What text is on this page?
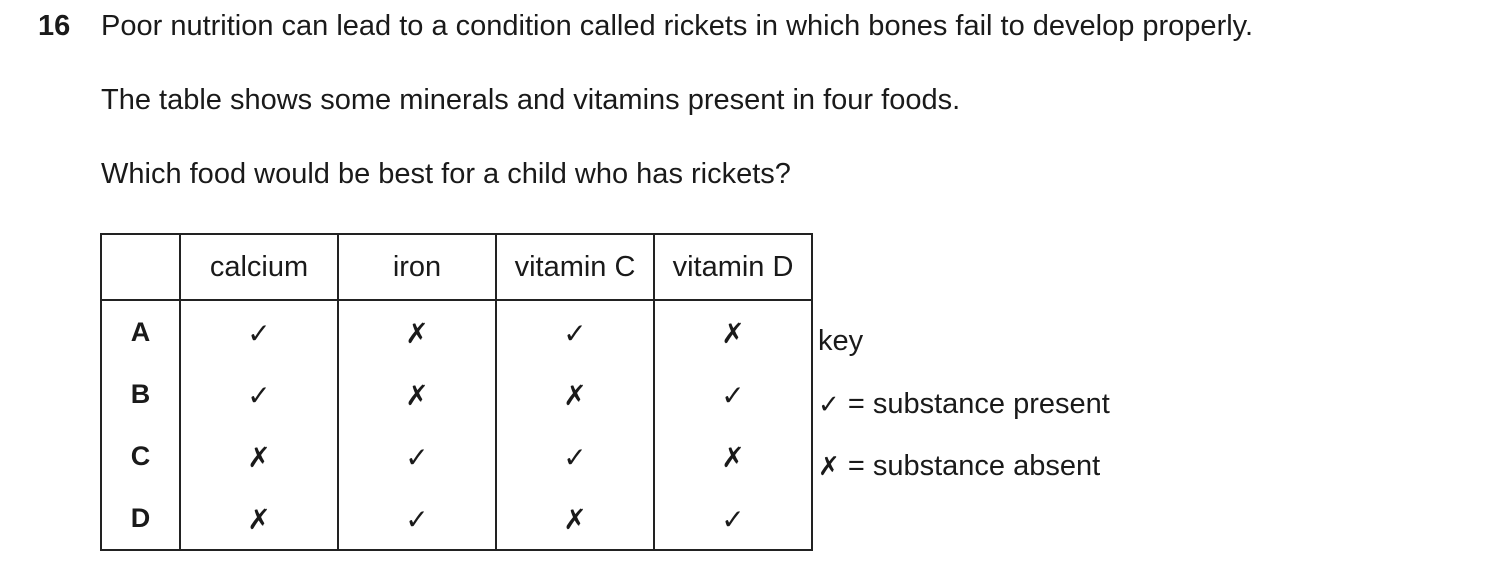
16 Poor nutrition can lead to a condition called rickets in which bones fail to develop properly.
The table shows some minerals and vitamins present in four foods.
Which food would be best for a child who has rickets?
	calcium	iron	vitamin C	vitamin D
A	✓	✗	✓	✗
B	✓	✗	✗	✓
C	✗	✓	✓	✗
D	✗	✓	✗	✓
key
✓ = substance present
✗ = substance absent
